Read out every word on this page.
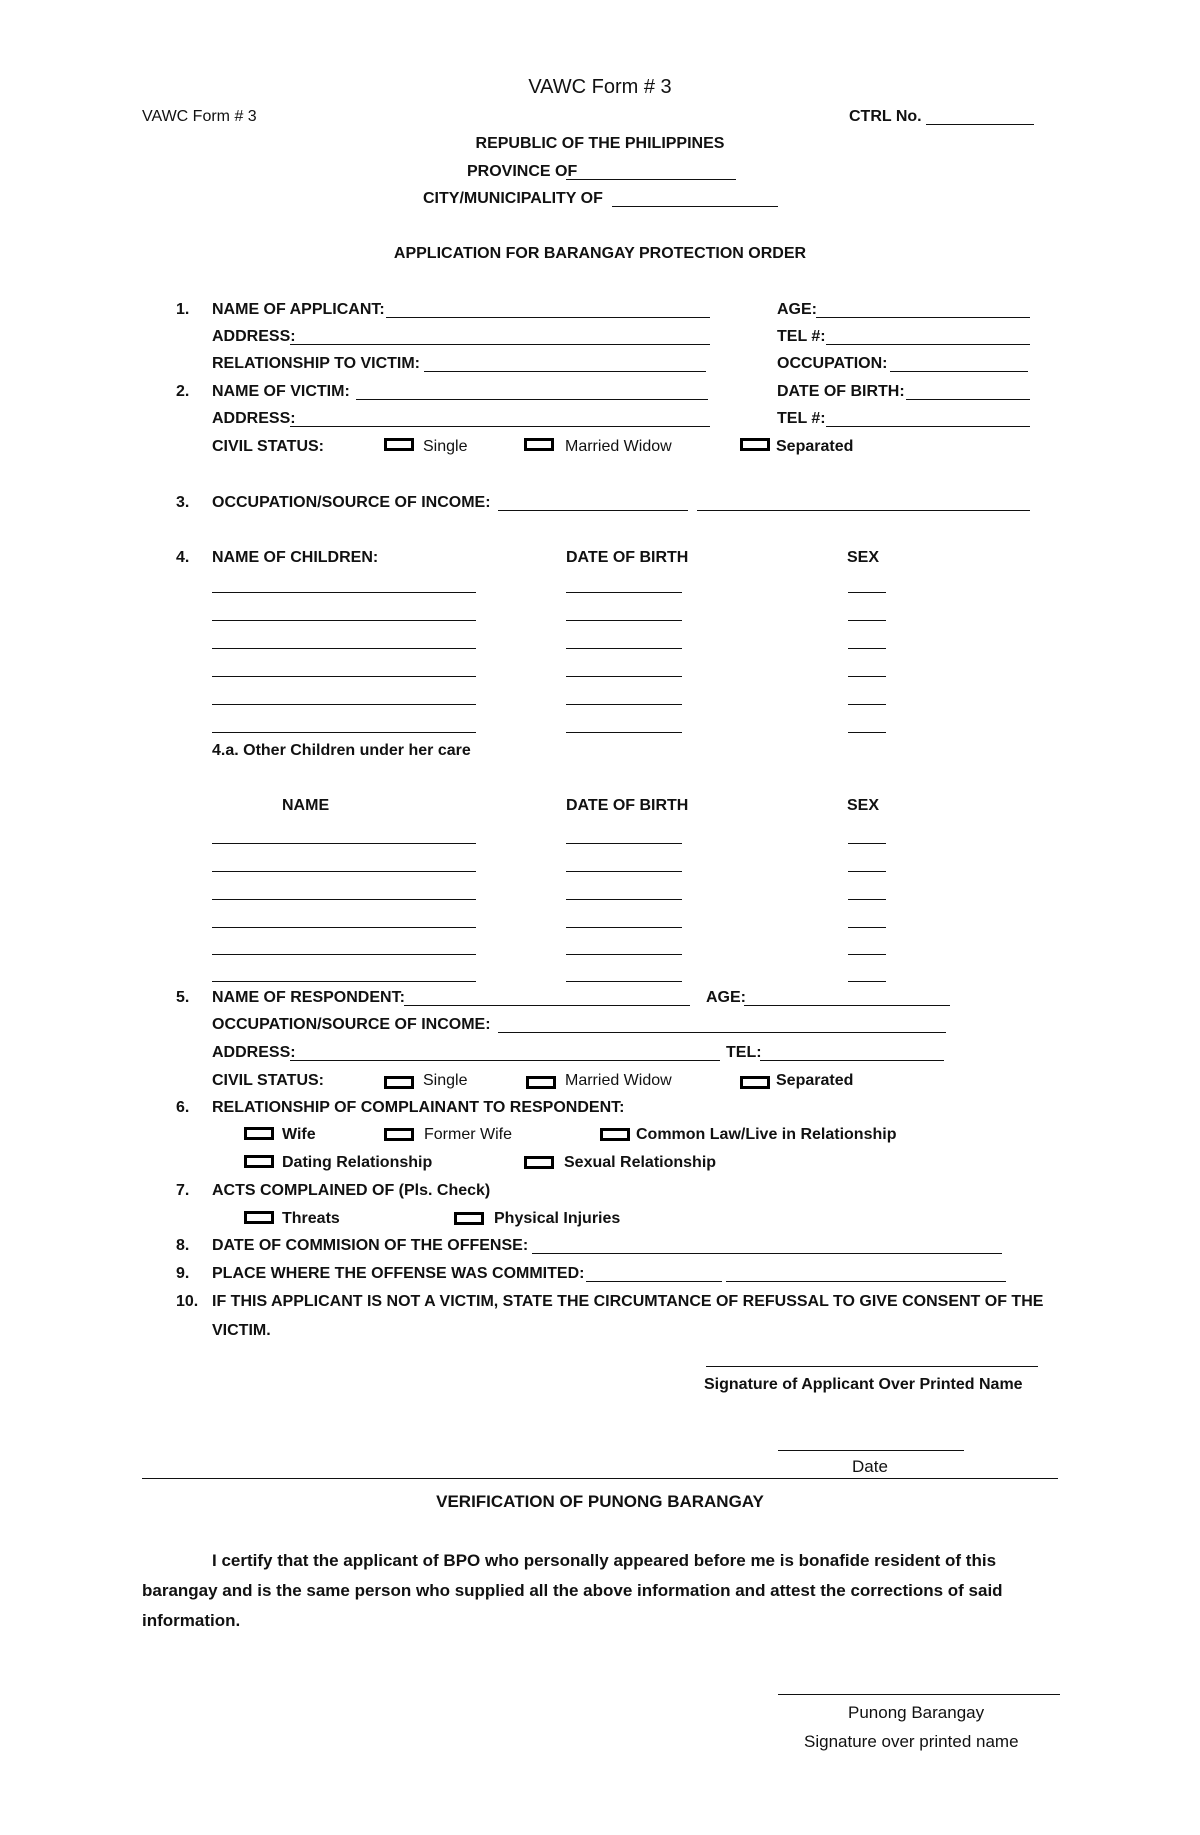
VAWC Form # 3
VAWC Form # 3	CTRL No.
REPUBLIC OF THE PHILIPPINES
PROVINCE OF
CITY/MUNICIPALITY OF
APPLICATION FOR BARANGAY PROTECTION ORDER
1. NAME OF APPLICANT:	AGE:
ADDRESS:	TEL #:
RELATIONSHIP TO VICTIM:	OCCUPATION:
2. NAME OF VICTIM:	DATE OF BIRTH:
ADDRESS:	TEL #:
CIVIL STATUS:	Single	Married Widow	Separated
3. OCCUPATION/SOURCE OF INCOME:
4. NAME OF CHILDREN:	DATE OF BIRTH	SEX
4.a. Other Children under her care
NAME	DATE OF BIRTH	SEX
5. NAME OF RESPONDENT:	AGE:
OCCUPATION/SOURCE OF INCOME:
ADDRESS:	TEL:
CIVIL STATUS:	Single	Married Widow	Separated
6. RELATIONSHIP OF COMPLAINANT TO RESPONDENT:
Wife	Former Wife	Common Law/Live in Relationship
Dating Relationship	Sexual Relationship
7. ACTS COMPLAINED OF (Pls. Check)
Threats	Physical Injuries
8. DATE OF COMMISION OF THE OFFENSE:
9. PLACE WHERE THE OFFENSE WAS COMMITED:
10. IF THIS APPLICANT IS NOT A VICTIM, STATE THE CIRCUMTANCE OF REFUSSAL TO GIVE CONSENT OF THE
VICTIM.
Signature of Applicant Over Printed Name
Date
VERIFICATION OF PUNONG BARANGAY
I certify that the applicant of BPO who personally appeared before me is bonafide resident of this barangay and is the same person who supplied all the above information and attest the corrections of said information.
Punong Barangay
Signature over printed name
